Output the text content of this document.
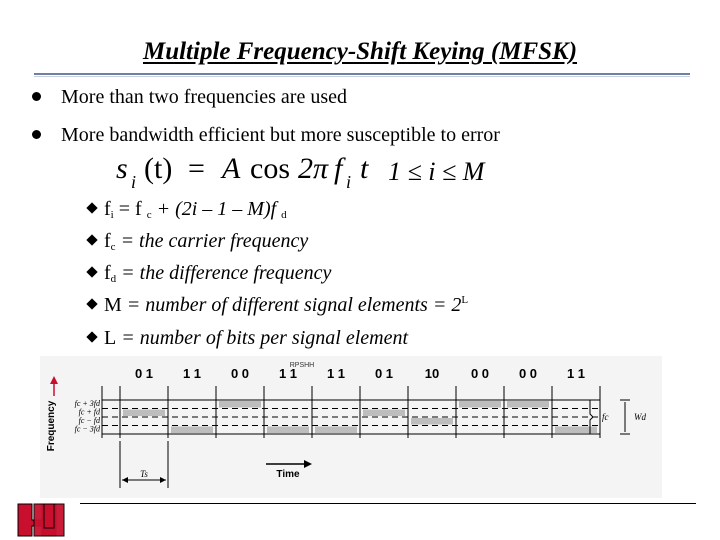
Multiple Frequency-Shift Keying (MFSK)
More than two frequencies are used
More bandwidth efficient but more susceptible to error
s i (t) = A cos 2π f i t 1 ≤ i ≤ M
$f_i = f$ $_c$ + (2i – 1 – M)f $_d$
$f_c$ = the carrier frequency
$f_d$ = the difference frequency
M = number of different signal elements = $2^L$
L = number of bits per signal element
RPSHH
0 1 1 1 0 0 1 1 1 1 0 1 10 0 0 0 0 1 1
fc + 3fd
fc + fd
fc − fd
fc − 3fd
Frequency
Ts	Time
fc	Wd
